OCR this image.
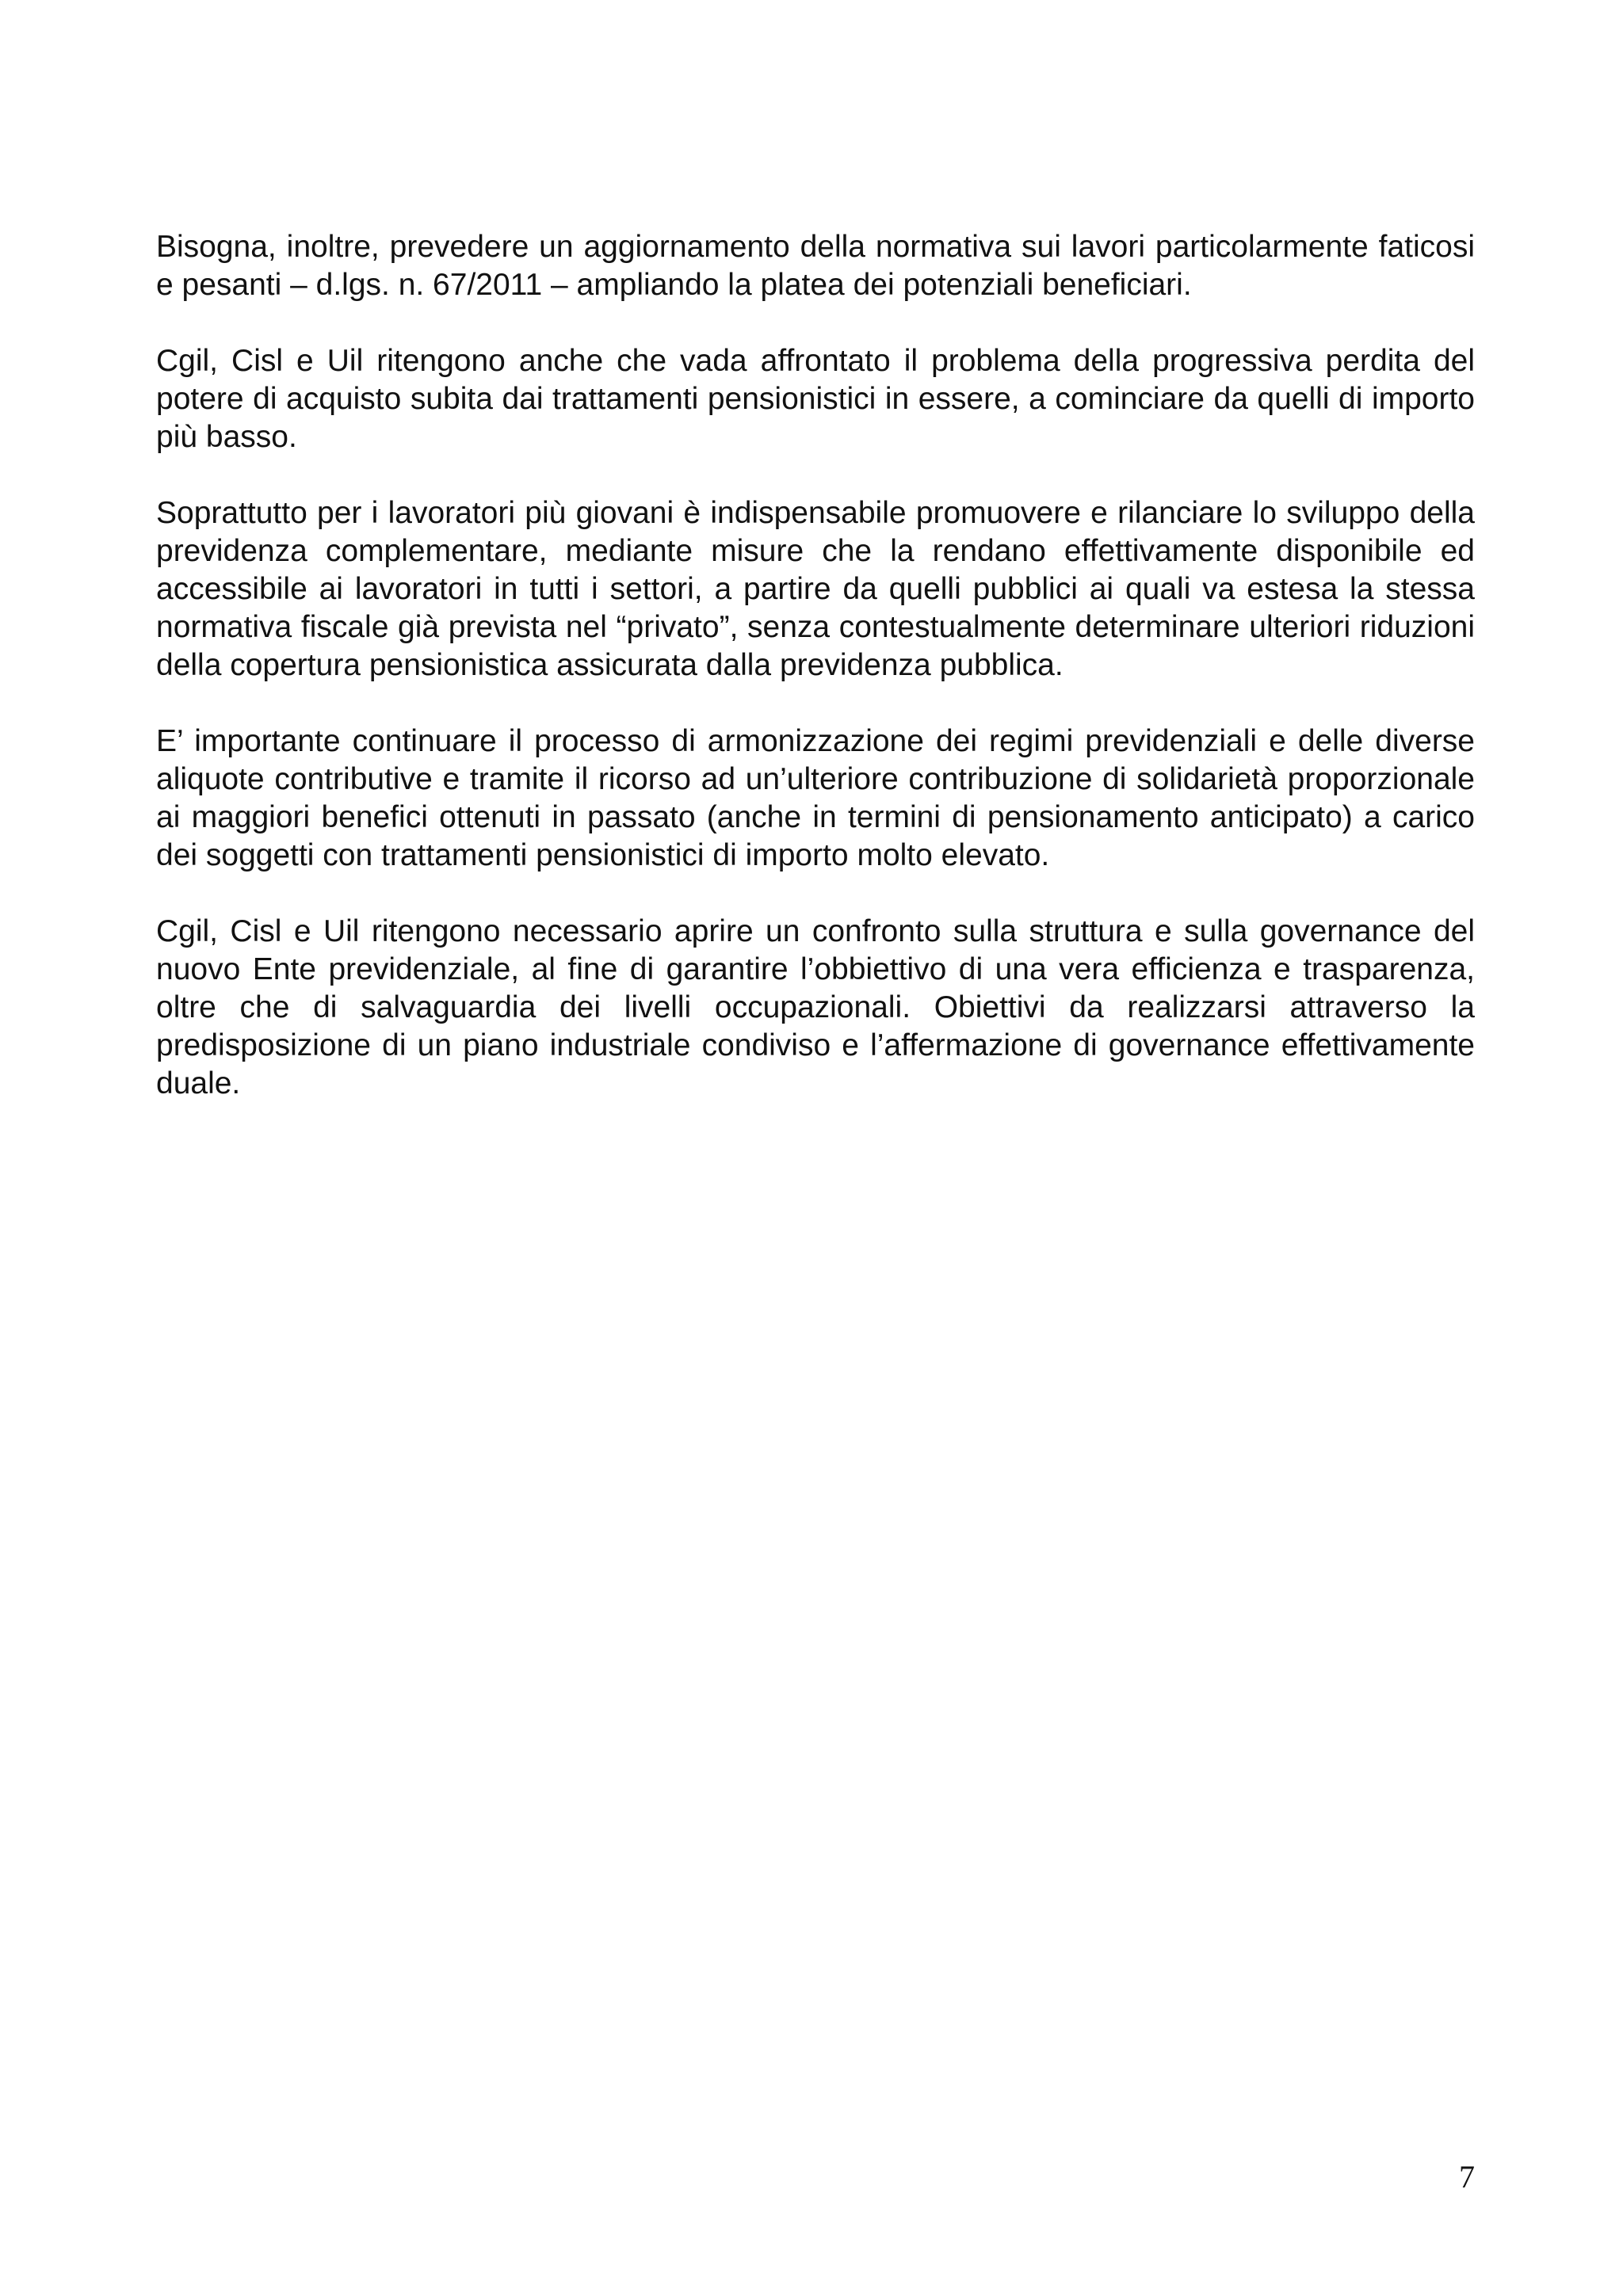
Bisogna, inoltre, prevedere un aggiornamento della normativa sui lavori particolarmente faticosi e pesanti – d.lgs. n. 67/2011 – ampliando la platea dei potenziali beneficiari.

Cgil, Cisl e Uil ritengono anche che vada affrontato il problema della progressiva perdita del potere di acquisto subita dai trattamenti pensionistici in essere, a cominciare da quelli di importo più basso.

Soprattutto per i lavoratori più giovani è indispensabile promuovere e rilanciare lo sviluppo della previdenza complementare, mediante misure che la rendano effettivamente disponibile ed accessibile ai lavoratori in tutti i settori, a partire da quelli pubblici ai quali va estesa la stessa normativa fiscale già prevista nel “privato”, senza contestualmente determinare ulteriori riduzioni della copertura pensionistica assicurata dalla previdenza pubblica.

E’ importante continuare il processo di armonizzazione dei regimi previdenziali e delle diverse aliquote contributive e tramite il ricorso ad un’ulteriore contribuzione di solidarietà proporzionale ai maggiori benefici ottenuti in passato (anche in termini di pensionamento anticipato) a carico dei soggetti con trattamenti pensionistici di importo molto elevato.

Cgil, Cisl e Uil ritengono necessario aprire un confronto sulla struttura e sulla governance del nuovo Ente previdenziale, al fine di garantire l’obbiettivo di una vera efficienza e trasparenza, oltre che di salvaguardia dei livelli occupazionali. Obiettivi da realizzarsi attraverso la predisposizione di un piano industriale condiviso e l’affermazione di governance effettivamente duale.

7
